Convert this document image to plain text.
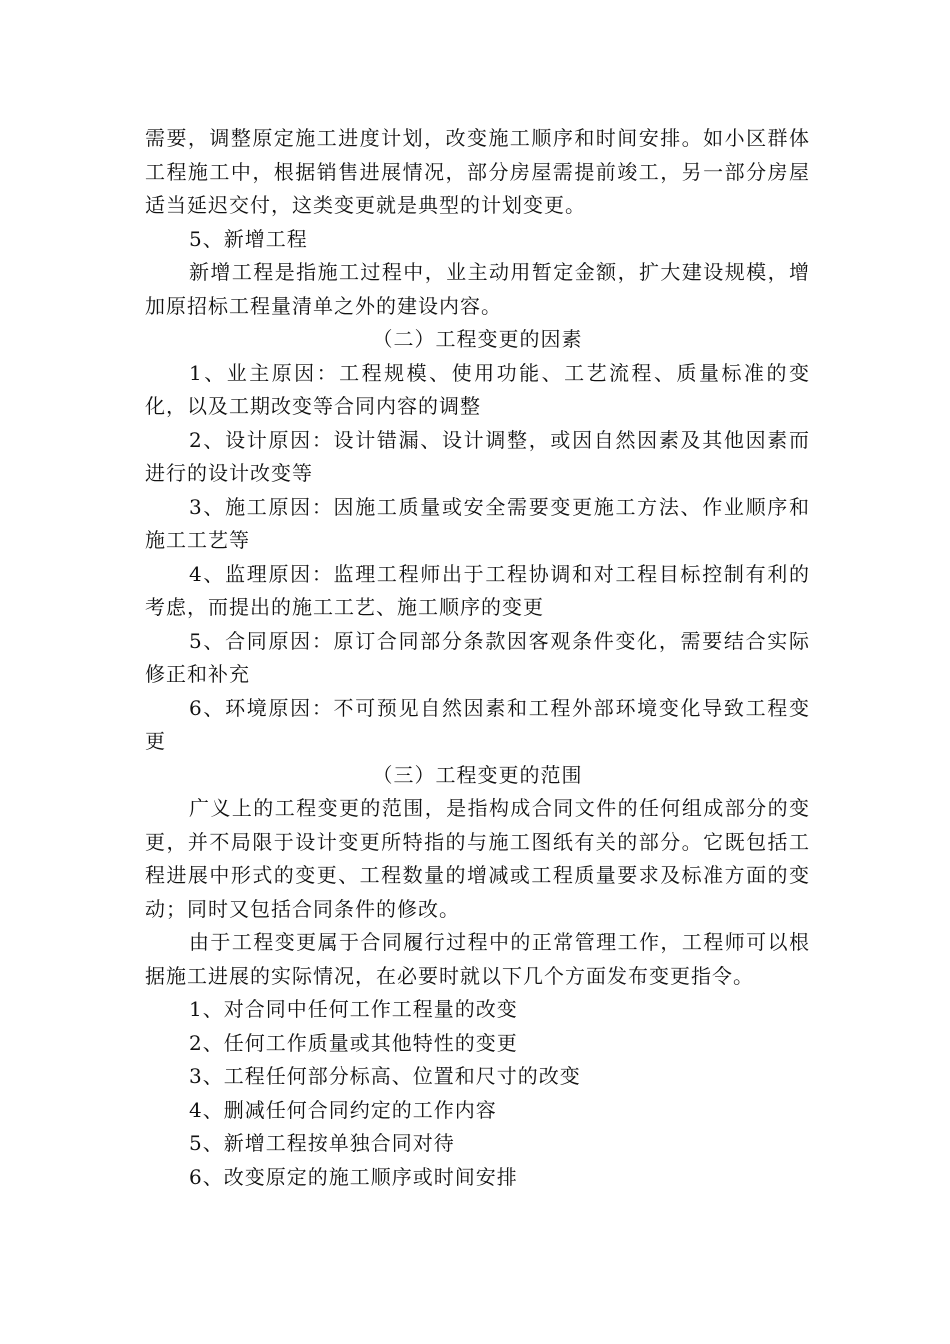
需要，调整原定施工进度计划，改变施工顺序和时间安排。如小区群体工程施工中，根据销售进展情况，部分房屋需提前竣工，另一部分房屋适当延迟交付，这类变更就是典型的计划变更。

5、新增工程

新增工程是指施工过程中，业主动用暂定金额，扩大建设规模，增加原招标工程量清单之外的建设内容。

（二）工程变更的因素

1、业主原因：工程规模、使用功能、工艺流程、质量标准的变化，以及工期改变等合同内容的调整

2、设计原因：设计错漏、设计调整，或因自然因素及其他因素而进行的设计改变等

3、施工原因：因施工质量或安全需要变更施工方法、作业顺序和施工工艺等

4、监理原因：监理工程师出于工程协调和对工程目标控制有利的考虑，而提出的施工工艺、施工顺序的变更

5、合同原因：原订合同部分条款因客观条件变化，需要结合实际修正和补充

6、环境原因：不可预见自然因素和工程外部环境变化导致工程变更

（三）工程变更的范围

广义上的工程变更的范围，是指构成合同文件的任何组成部分的变更，并不局限于设计变更所特指的与施工图纸有关的部分。它既包括工程进展中形式的变更、工程数量的增减或工程质量要求及标准方面的变动；同时又包括合同条件的修改。

由于工程变更属于合同履行过程中的正常管理工作，工程师可以根据施工进展的实际情况，在必要时就以下几个方面发布变更指令。

1、对合同中任何工作工程量的改变

2、任何工作质量或其他特性的变更

3、工程任何部分标高、位置和尺寸的改变

4、删减任何合同约定的工作内容

5、新增工程按单独合同对待

6、改变原定的施工顺序或时间安排
